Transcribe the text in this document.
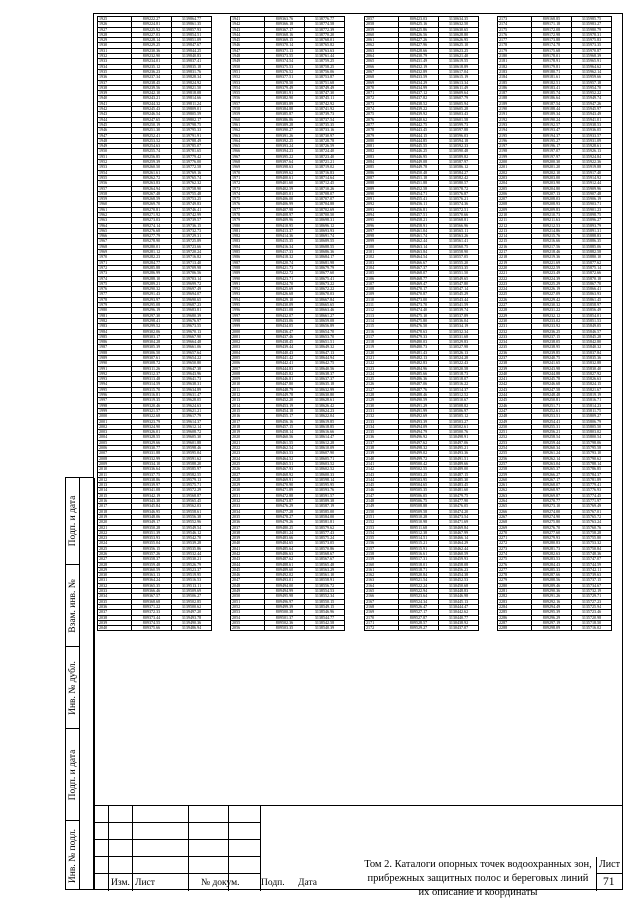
Подп. и дата
Взам. инв. №
Инв. № дубл.
Подп. и дата
Инв. № подл.
1925	809222.27	3139864.77
1926	809224.81	3139861.35
1927	809225.92	3139857.93
1928	809227.03	3139854.51
1929	809228.14	3139851.09
1930	809229.25	3139847.67
1931	809230.36	3139844.25
1932	809232.90	3139840.83
1933	809234.01	3139837.41
1934	809235.12	3139835.18
1935	809236.23	3139831.76
1936	809237.34	3139828.34
1937	809238.45	3139824.92
1938	809239.56	3139821.50
1939	809242.10	3139818.08
1940	809243.21	3139814.66
1941	809244.32	3139811.24
1942	809245.43	3139809.01
1943	809246.54	3139805.59
1944	809247.65	3139802.17
1945	809250.19	3139798.75
1946	809251.30	3139795.33
1947	809252.41	3139791.91
1948	809253.52	3139788.49
1949	809254.63	3139785.07
1950	809255.74	3139781.65
1951	809256.85	3139779.42
1952	809259.39	3139776.00
1953	809260.50	3139772.58
1954	809261.61	3139769.16
1955	809262.72	3139765.74
1956	809263.83	3139762.32
1957	809264.94	3139758.90
1958	809267.48	3139755.48
1959	809268.59	3139753.25
1960	809269.70	3139749.83
1961	809270.81	3139746.41
1962	809271.92	3139742.99
1963	809273.03	3139739.57
1964	809274.14	3139736.15
1965	809276.68	3139732.73
1966	809277.79	3139729.31
1967	809278.90	3139725.89
1968	809280.01	3139723.66
1969	809281.12	3139720.24
1970	809282.23	3139716.82
1971	809284.77	3139713.40
1972	809285.88	3139709.98
1973	809286.99	3139706.56
1974	809288.10	3139703.14
1975	809289.21	3139699.72
1976	809290.32	3139697.49
1977	809291.43	3139694.07
1978	809293.97	3139690.65
1979	809295.08	3139687.23
1980	809296.19	3139683.81
1981	809297.30	3139680.39
1982	809298.41	3139676.97
1983	809299.52	3139673.55
1984	809302.06	3139670.13
1985	809303.17	3139667.90
1986	809304.28	3139664.48
1987	809305.39	3139661.06
1988	809306.50	3139657.64
1989	809307.61	3139654.22
1990	809308.72	3139650.80
1991	809311.26	3139647.38
1992	809312.37	3139643.96
1993	809313.48	3139641.73
1994	809314.59	3139638.31
1995	809315.70	3139634.89
1996	809316.81	3139631.47
1997	809319.35	3139628.05
1998	809320.46	3139624.63
1999	809321.57	3139621.21
2000	809322.68	3139617.79
2001	809323.79	3139614.37
2002	809324.90	3139612.14
2003	809326.01	3139608.72
2004	809328.55	3139605.30
2005	809329.66	3139601.88
2006	809330.77	3139598.46
2007	809331.88	3139595.04
2008	809332.99	3139591.62
2009	809334.10	3139588.20
2010	809336.64	3139585.97
2011	809337.75	3139582.55
2012	809338.86	3139579.13
2013	809339.97	3139575.71
2014	809341.08	3139572.29
2015	809342.19	3139568.87
2016	809343.30	3139565.45
2017	809345.84	3139562.03
2018	809346.95	3139558.61
2019	809348.06	3139556.38
2020	809349.17	3139552.96
2021	809350.28	3139549.54
2022	809351.39	3139546.12
2023	809353.93	3139542.70
2024	809355.04	3139539.28
2025	809356.15	3139535.86
2026	809357.26	3139532.44
2027	809358.37	3139530.21
2028	809359.48	3139526.79
2029	809360.59	3139523.37
2030	809363.13	3139519.95
2031	809364.24	3139516.53
2032	809365.35	3139513.11
2033	809366.46	3139509.69
2034	809367.57	3139506.27
2035	809368.68	3139502.85
2036	809371.22	3139500.62
2037	809372.33	3139497.20
2038	809373.44	3139493.78
2039	809374.55	3139490.36
2040	809375.66	3139486.94
1941	809363.76	3138776.77
1942	809366.18	3138774.58
1943	809367.17	3138772.39
1944	809368.16	3138770.20
1945	809369.15	3138768.01
1946	809370.14	3138765.82
1947	809371.13	3138763.63
1948	809373.55	3138761.44
1949	809374.54	3138759.25
1950	809375.53	3138758.25
1951	809376.52	3138756.06
1952	809377.51	3138753.87
1953	809378.50	3138751.68
1954	809379.49	3138749.49
1955	809381.91	3138747.30
1956	809382.90	3138745.11
1957	809383.89	3138742.92
1958	809384.88	3138741.92
1959	809385.87	3138739.73
1960	809386.86	3138737.54
1961	809389.28	3138735.35
1962	809390.27	3138733.16
1963	809391.26	3138730.97
1964	809392.25	3138728.78
1965	809393.24	3138726.59
1966	809394.23	3138724.40
1967	809395.22	3138723.40
1968	809397.64	3138721.21
1969	809398.63	3138719.02
1970	809399.62	3138716.83
1971	809400.61	3138714.64
1972	809401.60	3138712.45
1973	809402.59	3138710.26
1974	809405.01	3138708.07
1975	809406.00	3138707.07
1976	809406.99	3138704.88
1977	809407.98	3138702.69
1978	809408.97	3138700.50
1979	809409.96	3138698.31
1980	809410.95	3138696.12
1981	809413.37	3138693.93
1982	809414.36	3138691.74
1983	809415.35	3138689.55
1984	809416.34	3138688.55
1985	809417.33	3138686.36
1986	809418.32	3138684.17
1987	809420.74	3138681.98
1988	809421.73	3138679.79
1989	809422.72	3138677.60
1990	809423.71	3138675.41
1991	809424.70	3138673.22
1992	809425.69	3138672.22
1993	809426.68	3138670.03
1994	809429.10	3138667.84
1995	809430.09	3138665.65
1996	809431.08	3138663.46
1997	809432.07	3138661.27
1998	809433.06	3138659.08
1999	809434.05	3138656.89
2000	809436.47	3138654.70
2001	809437.46	3138653.70
2002	809438.45	3138651.51
2003	809439.44	3138649.32
2004	809440.43	3138647.13
2005	809441.42	3138644.94
2006	809442.41	3138642.75
2007	809444.83	3138640.56
2008	809445.82	3138638.37
2009	809446.81	3138637.37
2010	809447.80	3138635.18
2011	809448.79	3138632.99
2012	809449.78	3138630.80
2013	809452.20	3138628.61
2014	809453.19	3138626.42
2015	809454.18	3138624.23
2016	809455.17	3138622.04
2017	809456.16	3138619.85
2018	809457.15	3138618.85
2019	809458.14	3138616.66
2020	809460.56	3138614.47
2021	809461.55	3138612.28
2022	809462.54	3138610.09
2023	809463.53	3138607.90
2024	809464.52	3138605.71
2025	809465.51	3138603.52
2026	809467.93	3138602.52
2027	809468.92	3138600.33
2028	809469.91	3138598.14
2029	809470.90	3138595.95
2030	809471.89	3138593.76
2031	809472.88	3138591.57
2032	809473.87	3138589.38
2033	809476.29	3138587.19
2034	809477.28	3138585.00
2035	809478.27	3138584.00
2036	809479.26	3138581.81
2037	809480.25	3138579.62
2038	809481.24	3138577.43
2039	809483.66	3138575.24
2040	809484.65	3138573.05
2041	809485.64	3138570.86
2042	809486.63	3138568.67
2043	809487.62	3138567.67
2044	809488.61	3138565.48
2045	809489.60	3138563.29
2046	809492.02	3138561.10
2047	809493.01	3138558.91
2048	809494.00	3138556.72
2049	809494.99	3138554.53
2050	809495.98	3138552.34
2051	809496.97	3138550.15
2052	809499.39	3138549.15
2053	809500.38	3138546.96
2054	809501.37	3138544.77
2055	809502.36	3138542.58
2056	809503.35	3138540.39
2057	809423.03	3130634.35
2058	809425.16	3130632.50
2059	809425.86	3130630.65
2060	809426.56	3130628.80
2061	809427.26	3130626.95
2062	809427.96	3130625.10
2063	809428.66	3130623.25
2064	809430.79	3130621.40
2065	809431.49	3130619.55
2066	809432.19	3130618.89
2067	809432.89	3130617.04
2068	809433.59	3130615.19
2069	809434.29	3130613.34
2070	809434.99	3130611.49
2071	809437.12	3130609.64
2072	809437.82	3130607.79
2073	809438.52	3130605.94
2074	809439.22	3130605.28
2075	809439.92	3130603.43
2076	809440.62	3130601.58
2077	809442.75	3130599.73
2078	809443.45	3130597.88
2079	809444.15	3130596.03
2080	809444.85	3130594.18
2081	809445.55	3130592.33
2082	809446.25	3130590.48
2083	809446.95	3130589.82
2084	809449.08	3130587.97
2085	809449.78	3130586.12
2086	809450.48	3130584.27
2087	809451.18	3130582.42
2088	809451.88	3130580.57
2089	809452.58	3130578.72
2090	809454.71	3130576.87
2091	809455.41	3130576.21
2092	809456.11	3130574.36
2093	809456.81	3130572.51
2094	809457.51	3130570.66
2095	809458.21	3130568.81
2096	809458.91	3130566.96
2097	809461.04	3130565.11
2098	809461.74	3130563.26
2099	809462.44	3130561.41
2100	809463.14	3130560.75
2101	809463.84	3130558.90
2102	809464.54	3130557.05
2103	809466.67	3130555.20
2104	809467.37	3130553.35
2105	809468.07	3130551.50
2106	809468.77	3130549.65
2107	809469.47	3130547.80
2108	809470.17	3130547.14
2109	809470.87	3130545.29
2110	809473.00	3130543.44
2111	809473.70	3130541.59
2112	809474.40	3130539.74
2113	809475.10	3130537.89
2114	809475.80	3130536.04
2115	809476.50	3130534.19
2116	809478.63	3130532.34
2117	809479.33	3130531.68
2118	809480.03	3130529.83
2119	809480.73	3130527.98
2120	809481.43	3130526.13
2121	809482.13	3130524.28
2122	809482.83	3130522.43
2123	809484.96	3130520.58
2124	809485.66	3130518.73
2125	809486.36	3130518.07
2126	809487.06	3130516.22
2127	809487.76	3130514.37
2128	809488.46	3130512.52
2129	809490.59	3130510.67
2130	809491.29	3130508.82
2131	809491.99	3130506.97
2132	809492.69	3130505.12
2133	809493.39	3130503.27
2134	809494.09	3130502.61
2135	809494.79	3130500.76
2136	809496.92	3130498.91
2137	809497.62	3130497.06
2138	809498.32	3130495.21
2139	809499.02	3130493.36
2140	809499.72	3130491.51
2141	809500.42	3130489.66
2142	809502.55	3130489.00
2143	809503.25	3130487.15
2144	809503.95	3130485.30
2145	809504.65	3130483.45
2146	809505.35	3130481.60
2147	809506.05	3130479.75
2148	809506.75	3130477.90
2149	809508.88	3130476.05
2150	809509.58	3130474.20
2151	809510.28	3130473.54
2152	809510.98	3130471.69
2153	809511.68	3130469.84
2154	809512.38	3130467.99
2155	809514.51	3130466.14
2156	809515.21	3130464.29
2157	809515.91	3130462.44
2158	809516.61	3130460.59
2159	809517.31	3130459.93
2160	809518.01	3130458.08
2161	809518.71	3130456.23
2162	809520.84	3130454.38
2163	809521.54	3130452.53
2164	809522.24	3130450.68
2165	809522.94	3130448.83
2166	809523.64	3130446.98
2167	809524.34	3130445.13
2168	809526.47	3130444.47
2169	809527.17	3130442.62
2170	809527.87	3130440.77
2171	809528.57	3130438.92
2172	809529.27	3130437.07
2173	809168.85	3135985.75
2174	809171.18	3135983.27
2175	809172.08	3135980.79
2176	809172.98	3135978.31
2177	809173.88	3135975.83
2178	809174.78	3135973.35
2179	809175.68	3135970.87
2180	809178.01	3135968.39
2181	809178.91	3135965.91
2182	809179.81	3135964.62
2183	809180.71	3135962.14
2184	809181.61	3135959.66
2185	809182.51	3135957.18
2186	809183.41	3135954.70
2187	809185.74	3135952.22
2188	809186.64	3135949.74
2189	809187.54	3135947.26
2190	809188.44	3135945.97
2191	809189.34	3135943.49
2192	809190.24	3135941.01
2193	809192.57	3135938.53
2194	809193.47	3135936.05
2195	809194.37	3135933.57
2196	809195.27	3135931.09
2197	809196.17	3135928.61
2198	809197.07	3135926.13
2199	809197.97	3135924.84
2200	809200.30	3135922.36
2201	809201.20	3135919.88
2202	809202.10	3135917.40
2203	809203.00	3135914.92
2204	809203.90	3135912.44
2205	809204.80	3135909.96
2206	809207.13	3135907.48
2207	809208.03	3135906.19
2208	809208.93	3135903.71
2209	809209.83	3135901.23
2210	809210.73	3135898.75
2211	809211.63	3135896.27
2212	809212.53	3135893.79
2213	809214.86	3135891.31
2214	809215.76	3135888.83
2215	809216.66	3135886.35
2216	809217.56	3135885.06
2217	809218.46	3135882.58
2218	809219.36	3135880.10
2219	809221.69	3135877.62
2220	809222.59	3135875.14
2221	809223.49	3135872.66
2222	809224.39	3135870.18
2223	809225.29	3135867.70
2224	809226.19	3135866.41
2225	809227.09	3135863.93
2226	809229.42	3135861.45
2227	809230.32	3135858.97
2228	809231.22	3135856.49
2229	809232.12	3135854.01
2230	809233.02	3135851.53
2231	809233.92	3135849.05
2232	809236.25	3135846.57
2233	809237.15	3135845.28
2234	809238.05	3135842.80
2235	809238.95	3135840.32
2236	809239.85	3135837.84
2237	809240.75	3135835.36
2238	809241.65	3135832.88
2239	809243.98	3135830.40
2240	809244.88	3135827.92
2241	809245.78	3135826.63
2242	809246.68	3135824.15
2243	809247.58	3135821.67
2244	809248.48	3135819.19
2245	809250.81	3135816.71
2246	809251.71	3135814.23
2247	809252.61	3135811.75
2248	809253.51	3135809.27
2249	809254.41	3135806.79
2250	809255.31	3135805.50
2251	809256.21	3135803.02
2252	809258.54	3135800.54
2253	809259.44	3135798.06
2254	809260.34	3135795.58
2255	809261.24	3135793.10
2256	809262.14	3135790.62
2257	809263.04	3135788.14
2258	809265.37	3135786.85
2259	809266.27	3135784.37
2260	809267.17	3135781.89
2261	809268.07	3135779.41
2262	809268.97	3135776.93
2263	809269.87	3135774.45
2264	809270.77	3135771.97
2265	809273.10	3135769.49
2266	809274.00	3135767.01
2267	809274.90	3135765.72
2268	809275.80	3135763.24
2269	809276.70	3135760.76
2270	809277.60	3135758.28
2271	809279.93	3135755.80
2272	809280.83	3135753.32
2273	809281.73	3135750.84
2274	809282.63	3135748.36
2275	809283.53	3135747.07
2276	809284.43	3135744.59
2277	809285.33	3135742.11
2278	809287.66	3135739.63
2279	809288.56	3135737.15
2280	809289.46	3135734.67
2281	809290.36	3135732.19
2282	809291.26	3135729.71
2283	809292.16	3135727.23
2284	809294.49	3135725.94
2285	809295.39	3135723.46
2286	809296.29	3135720.98
2287	809297.19	3135718.50
2288	809298.09	3135716.02
Изм. Лист	№ докум. Подп. Дата
Том 2. Каталоги опорных точек водоохранных зон, прибрежных защитных полос и береговых линий их описание и координаты
Лист
71
